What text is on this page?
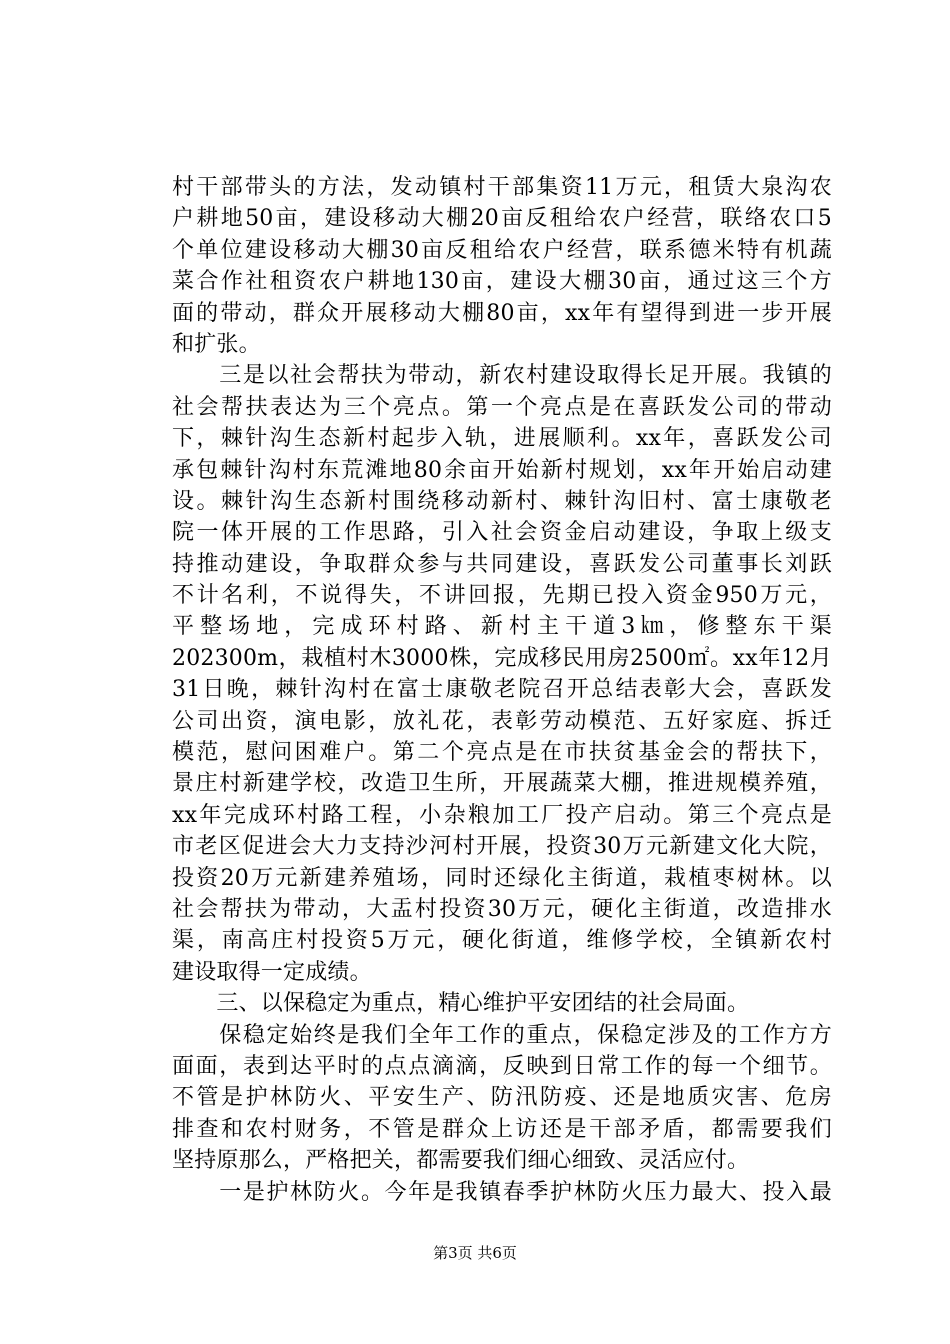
村干部带头的方法，发动镇村干部集资11万元，租赁大泉沟农
户耕地50亩，建设移动大棚20亩反租给农户经营，联络农口5
个单位建设移动大棚30亩反租给农户经营，联系德米特有机蔬
菜合作社租资农户耕地130亩，建设大棚30亩，通过这三个方
面的带动，群众开展移动大棚80亩，xx年有望得到进一步开展
和扩张。
　　三是以社会帮扶为带动，新农村建设取得长足开展。我镇的
社会帮扶表达为三个亮点。第一个亮点是在喜跃发公司的带动
下，棘针沟生态新村起步入轨，进展顺利。xx年，喜跃发公司
承包棘针沟村东荒滩地80余亩开始新村规划，xx年开始启动建
设。棘针沟生态新村围绕移动新村、棘针沟旧村、富士康敬老
院一体开展的工作思路，引入社会资金启动建设，争取上级支
持推动建设，争取群众参与共同建设，喜跃发公司董事长刘跃
不计名利，不说得失，不讲回报，先期已投入资金950万元，
平整场地，完成环村路、新村主干道3㎞，修整东干渠
202300m，栽植村木3000株，完成移民用房2500㎡。xx年12月
31日晚，棘针沟村在富士康敬老院召开总结表彰大会，喜跃发
公司出资，演电影，放礼花，表彰劳动模范、五好家庭、拆迁
模范，慰问困难户。第二个亮点是在市扶贫基金会的帮扶下，
景庄村新建学校，改造卫生所，开展蔬菜大棚，推进规模养殖，
xx年完成环村路工程，小杂粮加工厂投产启动。第三个亮点是
市老区促进会大力支持沙河村开展，投资30万元新建文化大院，
投资20万元新建养殖场，同时还绿化主街道，栽植枣树林。以
社会帮扶为带动，大盂村投资30万元，硬化主街道，改造排水
渠，南高庄村投资5万元，硬化街道，维修学校，全镇新农村
建设取得一定成绩。
　　三、以保稳定为重点，精心维护平安团结的社会局面。
　　保稳定始终是我们全年工作的重点，保稳定涉及的工作方方
面面，表到达平时的点点滴滴，反映到日常工作的每一个细节。
不管是护林防火、平安生产、防汛防疫、还是地质灾害、危房
排查和农村财务，不管是群众上访还是干部矛盾，都需要我们
坚持原那么，严格把关，都需要我们细心细致、灵活应付。
　　一是护林防火。今年是我镇春季护林防火压力最大、投入最
第3页 共6页
